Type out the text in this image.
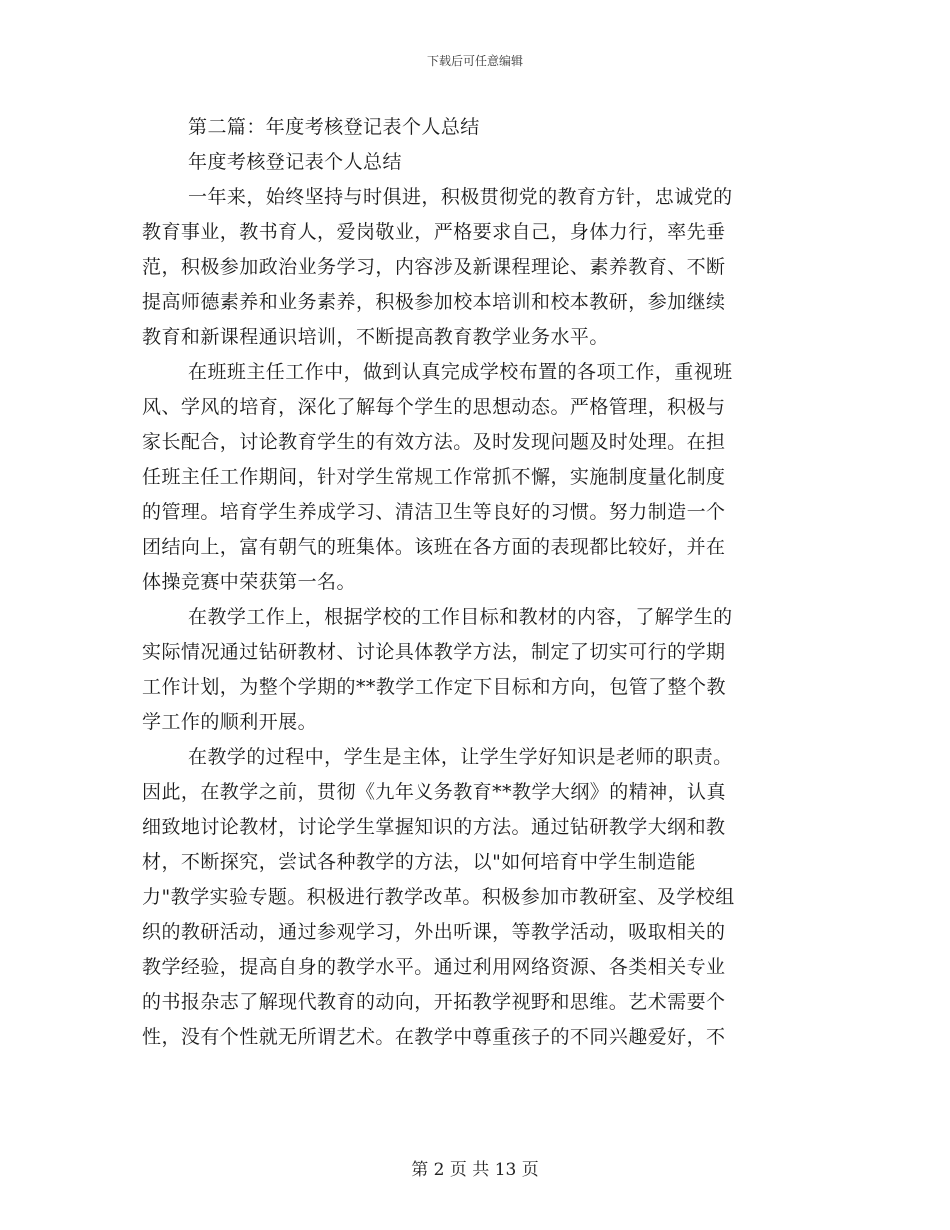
下载后可任意编辑
第二篇：年度考核登记表个人总结
年度考核登记表个人总结
一年来，始终坚持与时俱进，积极贯彻党的教育方针，忠诚党的
教育事业，教书育人，爱岗敬业，严格要求自己，身体力行，率先垂
范，积极参加政治业务学习，内容涉及新课程理论、素养教育、不断
提高师德素养和业务素养，积极参加校本培训和校本教研，参加继续
教育和新课程通识培训，不断提高教育教学业务水平。
在班班主任工作中，做到认真完成学校布置的各项工作，重视班
风、学风的培育，深化了解每个学生的思想动态。严格管理，积极与
家长配合，讨论教育学生的有效方法。及时发现问题及时处理。在担
任班主任工作期间，针对学生常规工作常抓不懈，实施制度量化制度
的管理。培育学生养成学习、清洁卫生等良好的习惯。努力制造一个
团结向上，富有朝气的班集体。该班在各方面的表现都比较好，并在
体操竞赛中荣获第一名。
在教学工作上，根据学校的工作目标和教材的内容，了解学生的
实际情况通过钻研教材、讨论具体教学方法，制定了切实可行的学期
工作计划，为整个学期的**教学工作定下目标和方向，包管了整个教
学工作的顺利开展。
在教学的过程中，学生是主体，让学生学好知识是老师的职责。
因此，在教学之前，贯彻《九年义务教育**教学大纲》的精神，认真
细致地讨论教材，讨论学生掌握知识的方法。通过钻研教学大纲和教
材，不断探究，尝试各种教学的方法，以"如何培育中学生制造能
力"教学实验专题。积极进行教学改革。积极参加市教研室、及学校组
织的教研活动，通过参观学习，外出听课，等教学活动，吸取相关的
教学经验，提高自身的教学水平。通过利用网络资源、各类相关专业
的书报杂志了解现代教育的动向，开拓教学视野和思维。艺术需要个
性，没有个性就无所谓艺术。在教学中尊重孩子的不同兴趣爱好，不
第 2 页 共 13 页
